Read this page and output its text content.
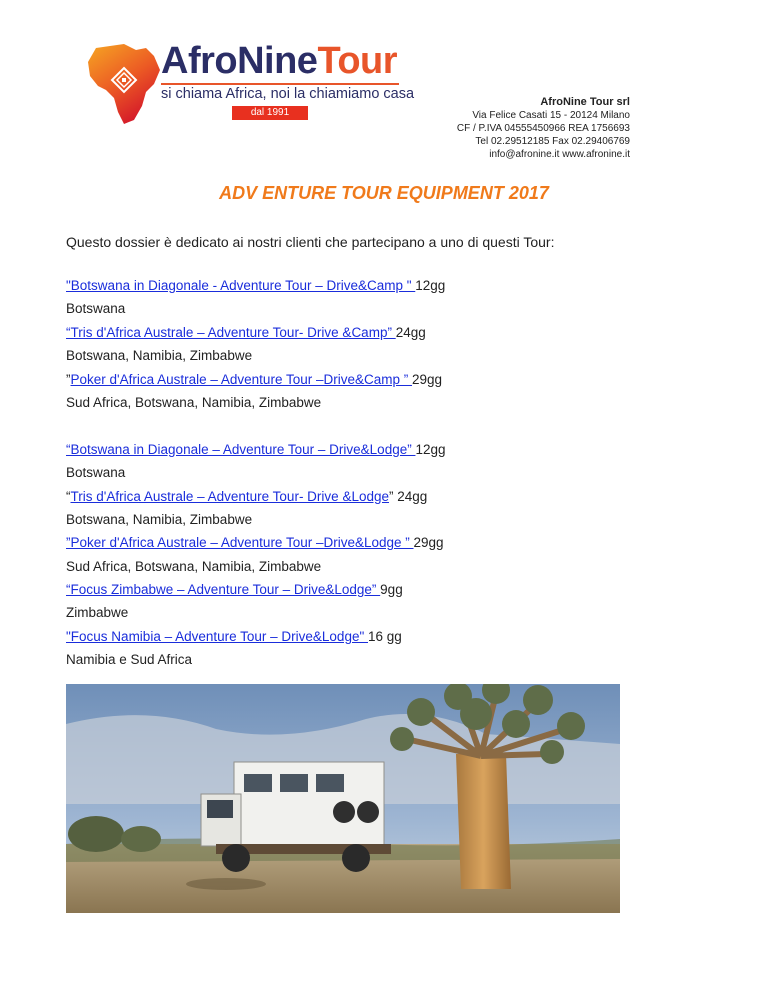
AfroNineTour
si chiama Africa, noi la chiamiamo casa
dal 1991
AfroNine Tour srl
Via Felice Casati 15 - 20124 Milano
CF / P.IVA 04555450966 REA 1756693
Tel 02.29512185 Fax 02.29406769
info@afronine.it www.afronine.it
ADV ENTURE TOUR EQUIPMENT 2017
Questo dossier è dedicato ai nostri clienti che partecipano a uno di questi Tour:
"Botswana in Diagonale - Adventure Tour – Drive&Camp " 12gg
Botswana
“Tris d'Africa Australe – Adventure Tour- Drive &Camp” 24gg
Botswana, Namibia, Zimbabwe
”Poker d'Africa Australe – Adventure Tour –Drive&Camp ” 29gg
Sud Africa, Botswana, Namibia, Zimbabwe
“Botswana in Diagonale – Adventure Tour – Drive&Lodge” 12gg
Botswana
“Tris d'Africa Australe – Adventure Tour- Drive &Lodge” 24gg
Botswana, Namibia, Zimbabwe
”Poker d'Africa Australe – Adventure Tour –Drive&Lodge ” 29gg
Sud Africa, Botswana, Namibia, Zimbabwe
“Focus Zimbabwe – Adventure Tour – Drive&Lodge” 9gg
Zimbabwe
"Focus Namibia – Adventure Tour – Drive&Lodge" 16 gg
Namibia e Sud Africa
